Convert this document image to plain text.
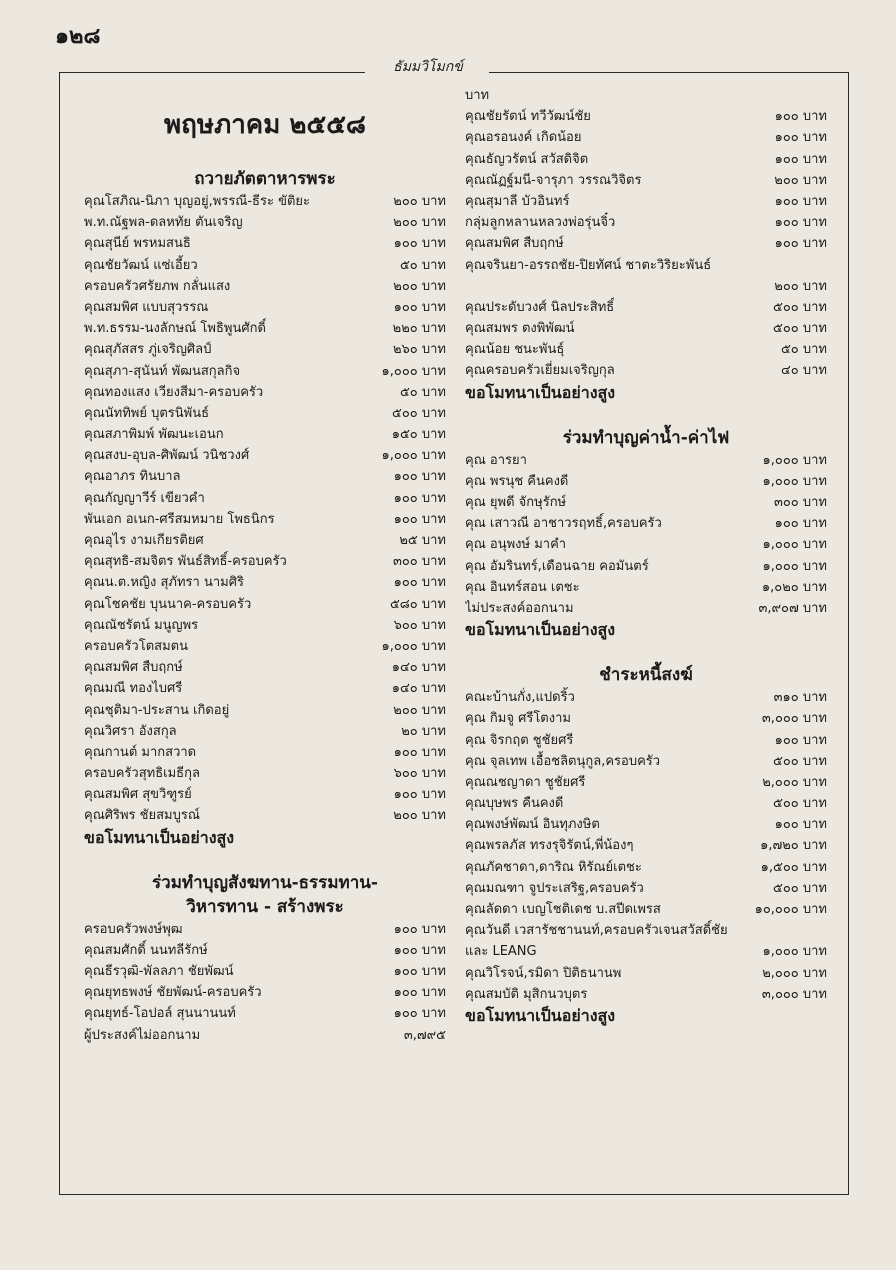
๑๒๘
ธัมมวิโมกข์
พฤษภาคม ๒๕๕๘
ถวายภัตตาหารพระ
คุณโสภิณ-นิภา บุญอยู่,พรรณี-ธีระ ขัติยะ	๒๐๐ บาท
พ.ท.ณัฐพล-ดลหทัย ตันเจริญ	๒๐๐ บาท
คุณสุนีย์ พรหมสนธิ	๑๐๐ บาท
คุณชัยวัฒน์ แซ่เอี้ยว	๕๐ บาท
ครอบครัวศรัยภพ กลั่นแสง	๒๐๐ บาท
คุณสมพิศ แบบสุวรรณ	๑๐๐ บาท
พ.ท.ธรรม-นงลักษณ์ โพธิพูนศักดิ์	๒๒๐ บาท
คุณสุภัสสร ภู่เจริญศิลป์	๒๖๐ บาท
คุณสุภา-สุนันท์ พัฒนสกุลกิจ	๑,๐๐๐ บาท
คุณทองแสง เวียงสีมา-ครอบครัว	๕๐ บาท
คุณนัททิพย์ บุตรนิพันธ์	๕๐๐ บาท
คุณสภาพิมพ์ พัฒนะเอนก	๑๕๐ บาท
คุณสงบ-อุบล-ศิพัฒน์ วนิชวงศ์	๑,๐๐๐ บาท
คุณอาภร ทินบาล	๑๐๐ บาท
คุณกัญญาวีร์ เขียวคำ	๑๐๐ บาท
พันเอก อเนก-ศรีสมหมาย โพธนิกร	๑๐๐ บาท
คุณอุไร งามเกียรติยศ	๒๕ บาท
คุณสุทธิ-สมจิตร พันธ์สิทธิ์-ครอบครัว	๓๐๐ บาท
คุณน.ต.หญิง สุภัทรา นามศิริ	๑๐๐ บาท
คุณโชคชัย บุนนาค-ครอบครัว	๕๘๐ บาท
คุณณัชรัตน์ มนูญพร	๖๐๐ บาท
ครอบครัวโตสมตน	๑,๐๐๐ บาท
คุณสมพิศ สืบฤกษ์	๑๔๐ บาท
คุณมณี ทองไบศรี	๑๔๐ บาท
คุณชุติมา-ประสาน เกิดอยู่	๒๐๐ บาท
คุณวิศรา อังสกุล	๒๐ บาท
คุณกานต์ มากสวาด	๑๐๐ บาท
ครอบครัวสุทธิเมธีกุล	๖๐๐ บาท
คุณสมพิศ สุขวิฑูรย์	๑๐๐ บาท
คุณศิริพร ชัยสมบูรณ์	๒๐๐ บาท
ขอโมทนาเป็นอย่างสูง
ร่วมทำบุญสังฆทาน-ธรรมทาน-
วิหารทาน - สร้างพระ
ครอบครัวพงษ์พุฒ	๑๐๐ บาท
คุณสมศักดิ์ นนทลีรักษ์	๑๐๐ บาท
คุณธีรวุฒิ-พัลลภา ชัยพัฒน์	๑๐๐ บาท
คุณยุทธพงษ์ ชัยพัฒน์-ครอบครัว	๑๐๐ บาท
คุณยุทธ์-โอปอล์ สุนนานนท์	๑๐๐ บาท
ผู้ประสงค์ไม่ออกนาม	๓,๗๙๕
บาท
คุณชัยรัตน์ ทวีวัฒน์ชัย	๑๐๐ บาท
คุณอรอนงค์ เกิดน้อย	๑๐๐ บาท
คุณธัญวรัตน์ สวัสดิจิต	๑๐๐ บาท
คุณณัฏฐ์มนี-จารุภา วรรณวิจิตร	๒๐๐ บาท
คุณสุมาลี บัวอินทร์	๑๐๐ บาท
กลุ่มลูกหลานหลวงพ่อรุ่นจิ๋ว	๑๐๐ บาท
คุณสมพิศ สืบฤกษ์	๑๐๐ บาท
คุณจรินยา-อรรถชัย-ปิยทัศน์ ชาตะวิริยะพันธ์
๒๐๐ บาท
คุณประดับวงศ์ นิลประสิทธิ์	๕๐๐ บาท
คุณสมพร ตงพิพัฒน์	๕๐๐ บาท
คุณน้อย ชนะพันธุ์	๕๐ บาท
คุณครอบครัวเยี่ยมเจริญกุล	๔๐ บาท
ขอโมทนาเป็นอย่างสูง
ร่วมทำบุญค่าน้ำ-ค่าไฟ
คุณ อารยา	๑,๐๐๐ บาท
คุณ พรนุช คืนคงดี	๑,๐๐๐ บาท
คุณ ยุพดี จักษุรักษ์	๓๐๐ บาท
คุณ เสาวณี อาชาวรฤทธิ์,ครอบครัว	๑๐๐ บาท
คุณ อนุพงษ์ มาคำ	๑,๐๐๐ บาท
คุณ อัมรินทร์,เดือนฉาย คอมันตร์	๑,๐๐๐ บาท
คุณ อินทร์สอน เตชะ	๑,๐๒๐ บาท
ไม่ประสงค์ออกนาม	๓,๙๐๗ บาท
ขอโมทนาเป็นอย่างสูง
ชำระหนี้สงฆ์
คณะบ้านกั่ง,แปดริ้ว	๓๑๐ บาท
คุณ กิมจู ศรีโตงาม	๓,๐๐๐ บาท
คุณ จิรกฤต ชูชัยศรี	๑๐๐ บาท
คุณ จุลเทพ เอื้อชลิตนุกูล,ครอบครัว	๕๐๐ บาท
คุณณชญาดา ชูชัยศรี	๒,๐๐๐ บาท
คุณบุษพร คืนคงดี	๕๐๐ บาท
คุณพงษ์พัฒน์ อินทุภงษิต	๑๐๐ บาท
คุณพรลภัส ทรงรุจิรัตน์,พี่น้องๆ	๑,๗๒๐ บาท
คุณภัคชาดา,ดาริณ หิรัณย์เตชะ	๑,๕๐๐ บาท
คุณมณฑา จูประเสริฐ,ครอบครัว	๕๐๐ บาท
คุณลัดดา เบญโชติเดช บ.สปีดเพรส	๑๐,๐๐๐ บาท
คุณวันดี เวสารัชชานนท์,ครอบครัวเจนสวัสดิ์ชัย
และ LEANG	๑,๐๐๐ บาท
คุณวิโรจน์,รมิดา ปิติธนานพ	๒,๐๐๐ บาท
คุณสมบัติ มุสิกนวบุตร	๓,๐๐๐ บาท
ขอโมทนาเป็นอย่างสูง
